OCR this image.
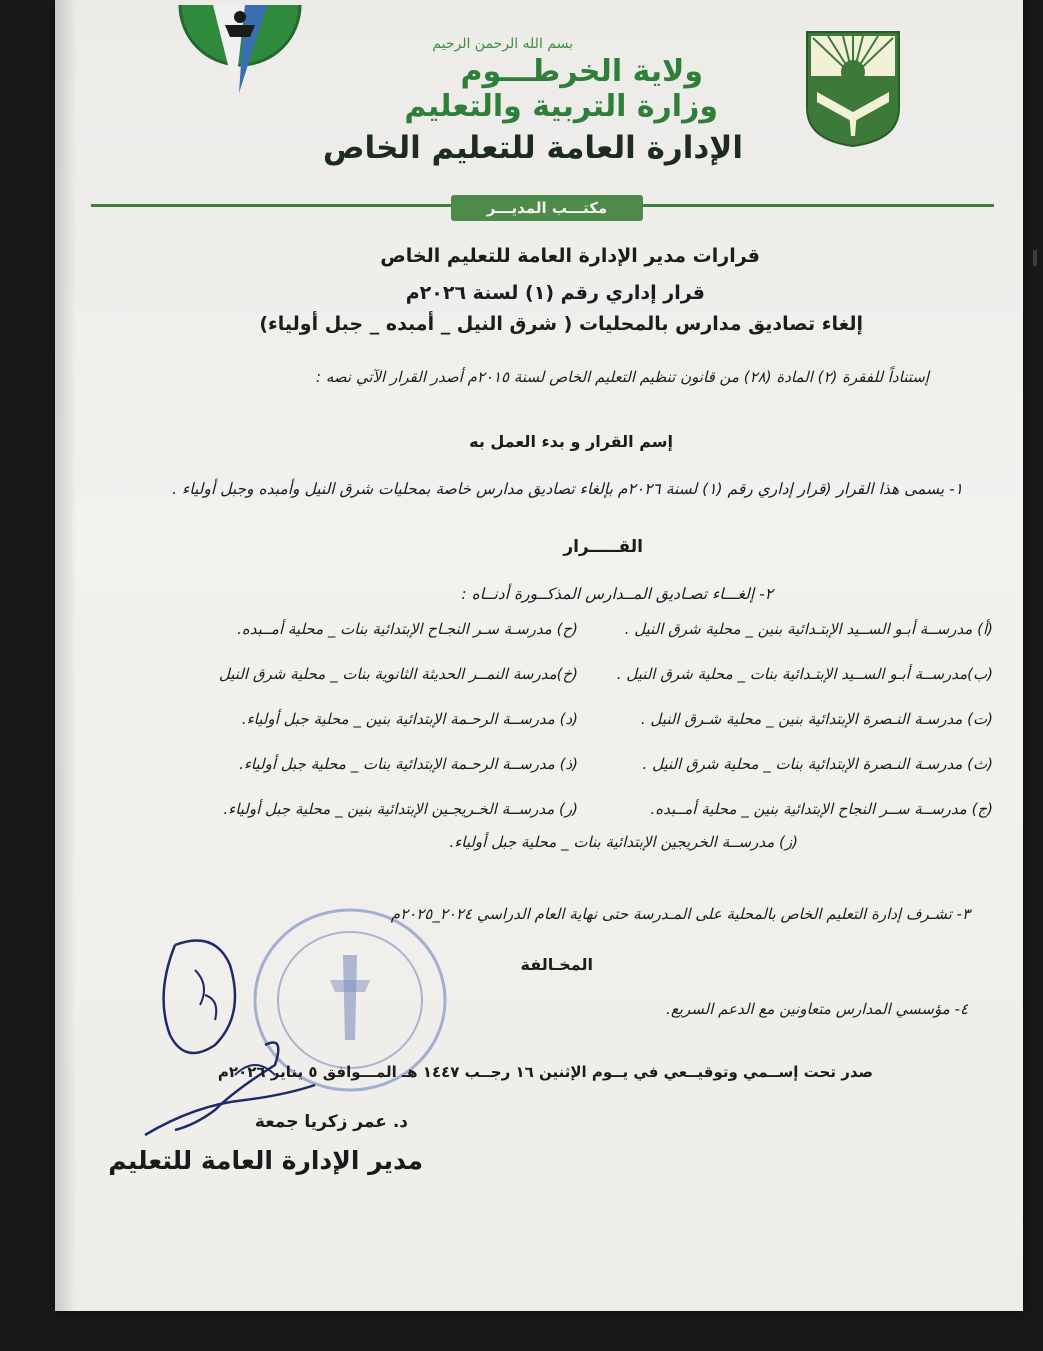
بسم الله الرحمن الرحيم
ولاية الخرطـــوم
وزارة التربية والتعليم
الإدارة العامة للتعليم الخاص
مكتـــب المديـــر
قرارات مدير الإدارة العامة للتعليم الخاص
قرار إداري رقم (١) لسنة ٢٠٢٦م
إلغاء تصاديق مدارس بالمحليات ( شرق النيل _ أمبده _ جبل أولياء)
إستناداً للفقرة (٢) المادة (٢٨) من قانون تنظيم التعليم الخاص لسنة ٢٠١٥م أصدر القرار الآتي نصه :
إسم القرار و بدء العمل به
١- يسمى هذا القرار (قرار إداري رقم (١) لسنة ٢٠٢٦م بإلغاء تصاديق مدارس خاصة بمحليات شرق النيل وأمبده وجبل أولياء .
القـــــرار
٢- إلغـــاء تصـاديق المــدارس المذكــورة أدنــاه :
(أ) مدرســة أبـو الســيد الإبتـدائية بنين _ محلية شرق النيل .
(ب)مدرســة أبـو الســيد الإبتـدائية بنات _ محلية شرق النيل .
(ت) مدرسـة النـصرة الإبتدائية بنين _ محلية شـرق النيل .
(ث) مدرسـة النـصرة الإبتدائية بنات _ محلية شرق النيل .
(ج) مدرســة ســر النجاح الإبتدائية بنين _ محلية أمــبده.
(ح) مدرسـة سـر النجـاح الإبتدائية بنات _ محلية أمــبده.
(خ)مدرسة النمــر الحديثة الثانوية بنات _ محلية شرق النيل
(د) مدرســة الرحـمة الإبتدائية بنين _ محلية جبل أولياء.
(ذ) مدرســة الرحـمة الإبتدائية بنات _ محلية جبل أولياء.
(ر) مدرســة الخـريجـين الإبتدائية بنين _ محلية جبل أولياء.
(ز) مدرســة الخريجين الإبتدائية بنات _ محلية جبل أولياء.
٣- تشـرف إدارة التعليم الخاص بالمحلية على المـدرسة حتى نهاية العام الدراسي ٢٠٢٤_٢٠٢٥م
المخـالفة
٤- مؤسسي المدارس متعاونين مع الدعم السريع.
صدر تحت إســمي وتوقيــعي في يــوم الإثنين ١٦ رجــب ١٤٤٧ هـ المـــوافق ٥ يناير ٢٠٢٦م
د. عمر زكريا جمعة
مدير الإدارة العامة للتعليم
